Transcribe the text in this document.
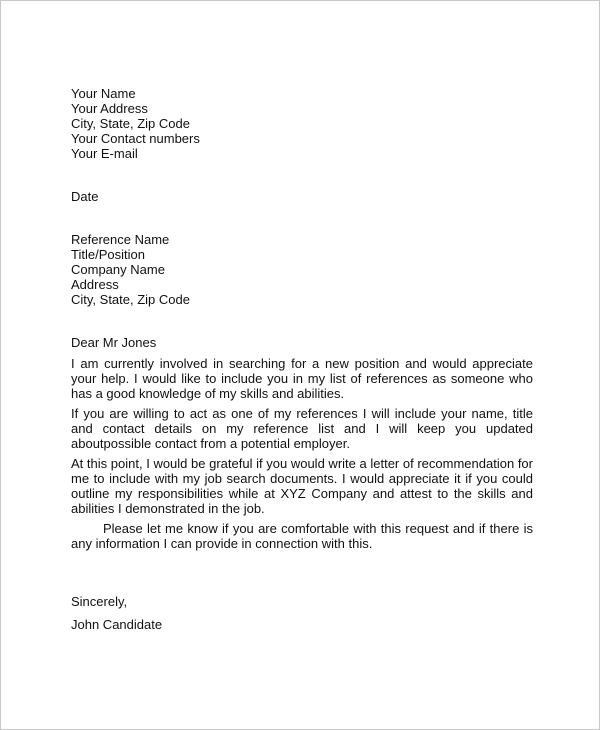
Your Name
Your Address
City, State, Zip Code
Your Contact numbers
Your E-mail
Date
Reference Name
Title/Position
Company Name
Address
City, State, Zip Code
Dear Mr Jones

I am currently involved in searching for a new position and would appreciate your help. I would like to include you in my list of references as someone who has a good knowledge of my skills and abilities.

If you are willing to act as one of my references I will include your name, title and contact details on my reference list and I will keep you updated aboutpossible contact from a potential employer.

At this point, I would be grateful if you would write a letter of recommendation for me to include with my job search documents. I would appreciate it if you could outline my responsibilities while at XYZ Company and attest to the skills and abilities I demonstrated in the job.

Please let me know if you are comfortable with this request and if there is any information I can provide in connection with this.

Sincerely,
John Candidate
